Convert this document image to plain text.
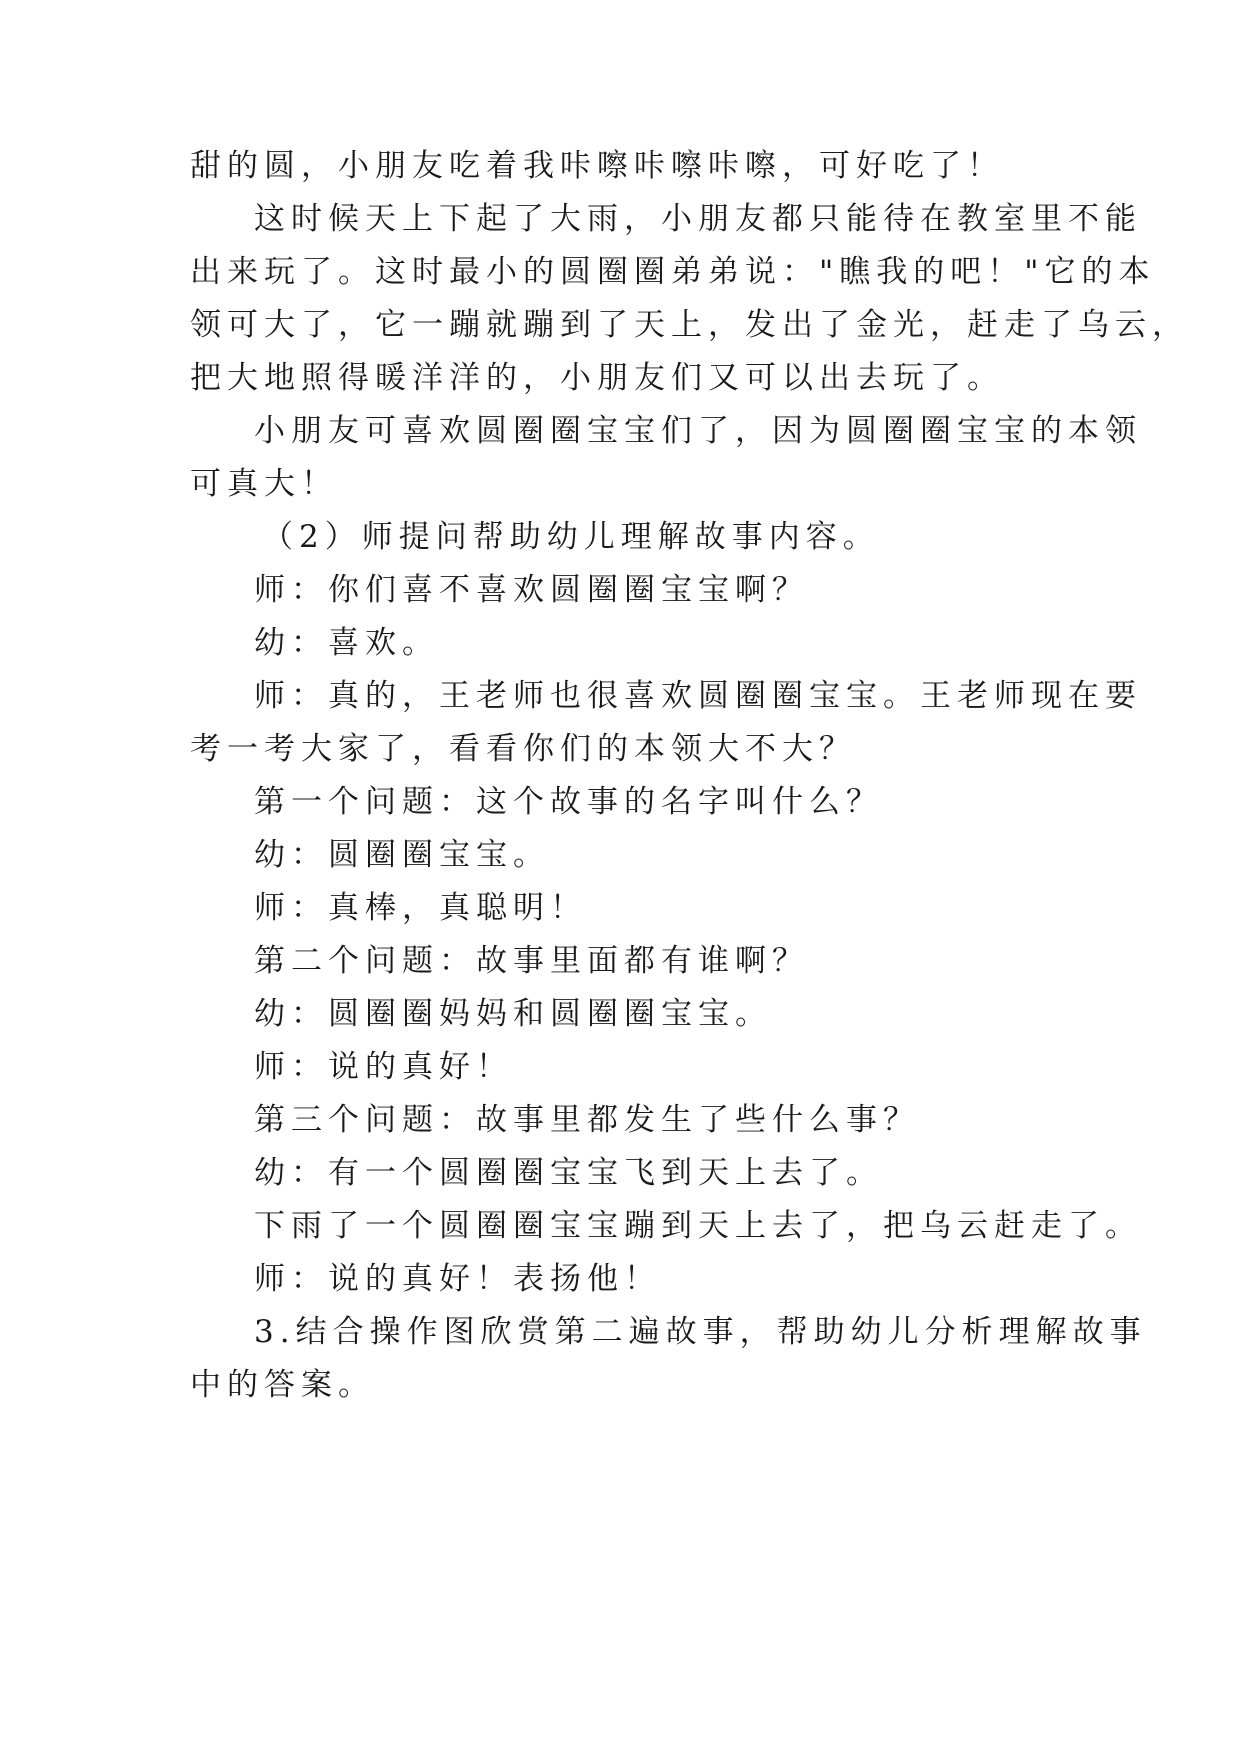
甜的圆，小朋友吃着我咔嚓咔嚓咔嚓，可好吃了！
这时候天上下起了大雨，小朋友都只能待在教室里不能
出来玩了。这时最小的圆圈圈弟弟说："瞧我的吧！"它的本
领可大了，它一蹦就蹦到了天上，发出了金光，赶走了乌云，
把大地照得暖洋洋的，小朋友们又可以出去玩了。
小朋友可喜欢圆圈圈宝宝们了，因为圆圈圈宝宝的本领
可真大！
（2）师提问帮助幼儿理解故事内容。
师：你们喜不喜欢圆圈圈宝宝啊？
幼：喜欢。
师：真的，王老师也很喜欢圆圈圈宝宝。王老师现在要
考一考大家了，看看你们的本领大不大？
第一个问题：这个故事的名字叫什么？
幼：圆圈圈宝宝。
师：真棒，真聪明！
第二个问题：故事里面都有谁啊？
幼：圆圈圈妈妈和圆圈圈宝宝。
师：说的真好！
第三个问题：故事里都发生了些什么事？
幼：有一个圆圈圈宝宝飞到天上去了。
下雨了一个圆圈圈宝宝蹦到天上去了，把乌云赶走了。
师：说的真好！表扬他！
3.结合操作图欣赏第二遍故事，帮助幼儿分析理解故事
中的答案。
